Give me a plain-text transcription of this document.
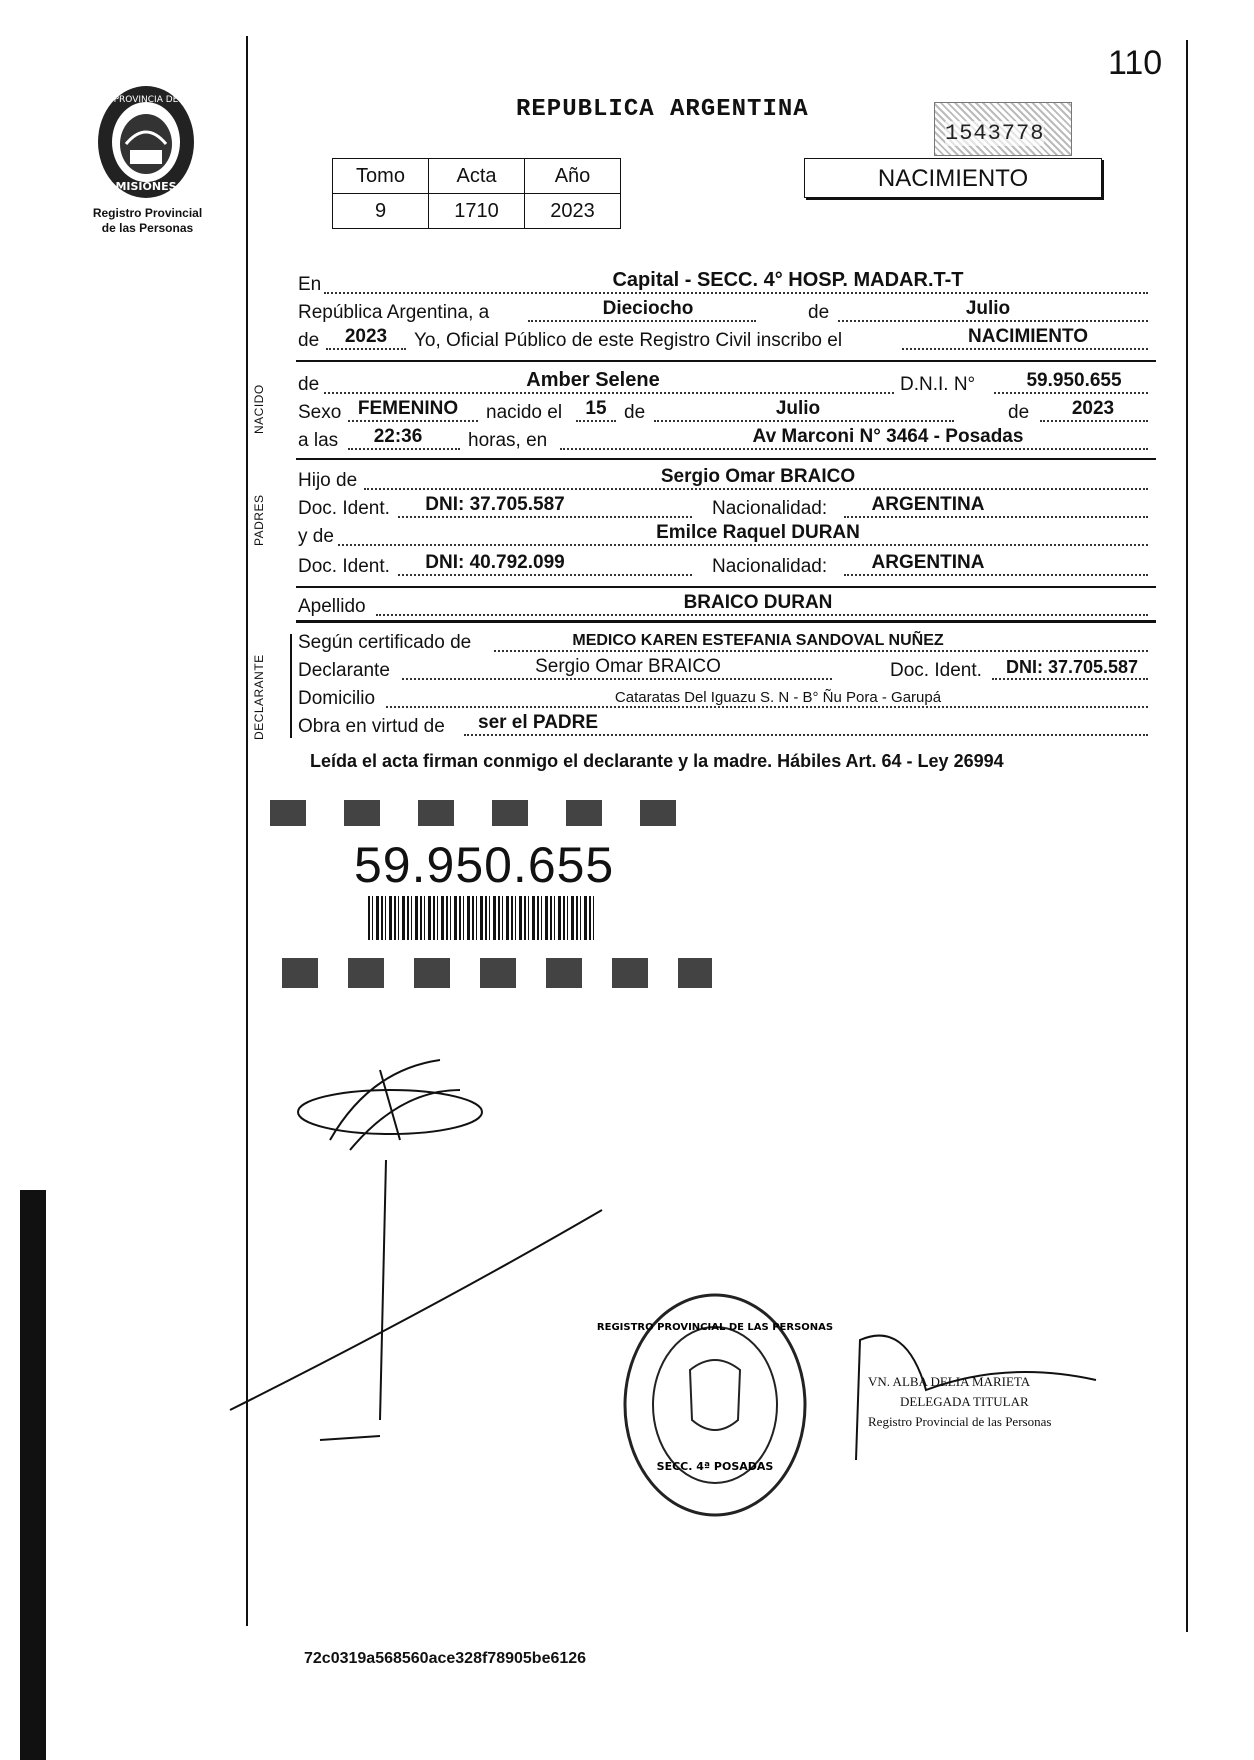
110
PROVINCIA DE
MISIONES
Registro Provincial
de las Personas
REPUBLICA ARGENTINA
1543778
Tomo	Acta	Año
9	1710	2023
NACIMIENTO
En	Capital - SECC. 4° HOSP. MADAR.T-T
República Argentina, a	Dieciocho	de	Julio
de	2023	Yo, Oficial Público de este Registro Civil inscribo el	NACIMIENTO
NACIDO de	Amber Selene	D.N.I. N°	59.950.655
Sexo FEMENINO	nacido el	15 de	Julio	de	2023
a las	22:36	horas, en	Av Marconi N° 3464 - Posadas
PADRES
Hijo de	Sergio Omar BRAICO
Doc. Ident.	DNI: 37.705.587	Nacionalidad:	ARGENTINA
y de	Emilce Raquel DURAN
Doc. Ident.	DNI: 40.792.099	Nacionalidad:	ARGENTINA
Apellido	BRAICO DURAN
DECLARANTE
Según certificado de	MEDICO KAREN ESTEFANIA SANDOVAL NUÑEZ
Declarante	Sergio Omar BRAICO	Doc. Ident.	DNI: 37.705.587
Domicilio	Cataratas Del Iguazu S. N - B° Ñu Pora - Garupá
Obra en virtud de ser el PADRE
Leída el acta firman conmigo el declarante y la madre. Hábiles Art. 64 - Ley 26994
59.950.655
REGISTRO PROVINCIAL DE LAS PERSONAS
SECC. 4ª POSADAS
VN. ALBA DELIA MARIETA
DELEGADA TITULAR
Registro Provincial de las Personas
72c0319a568560ace328f78905be6126
